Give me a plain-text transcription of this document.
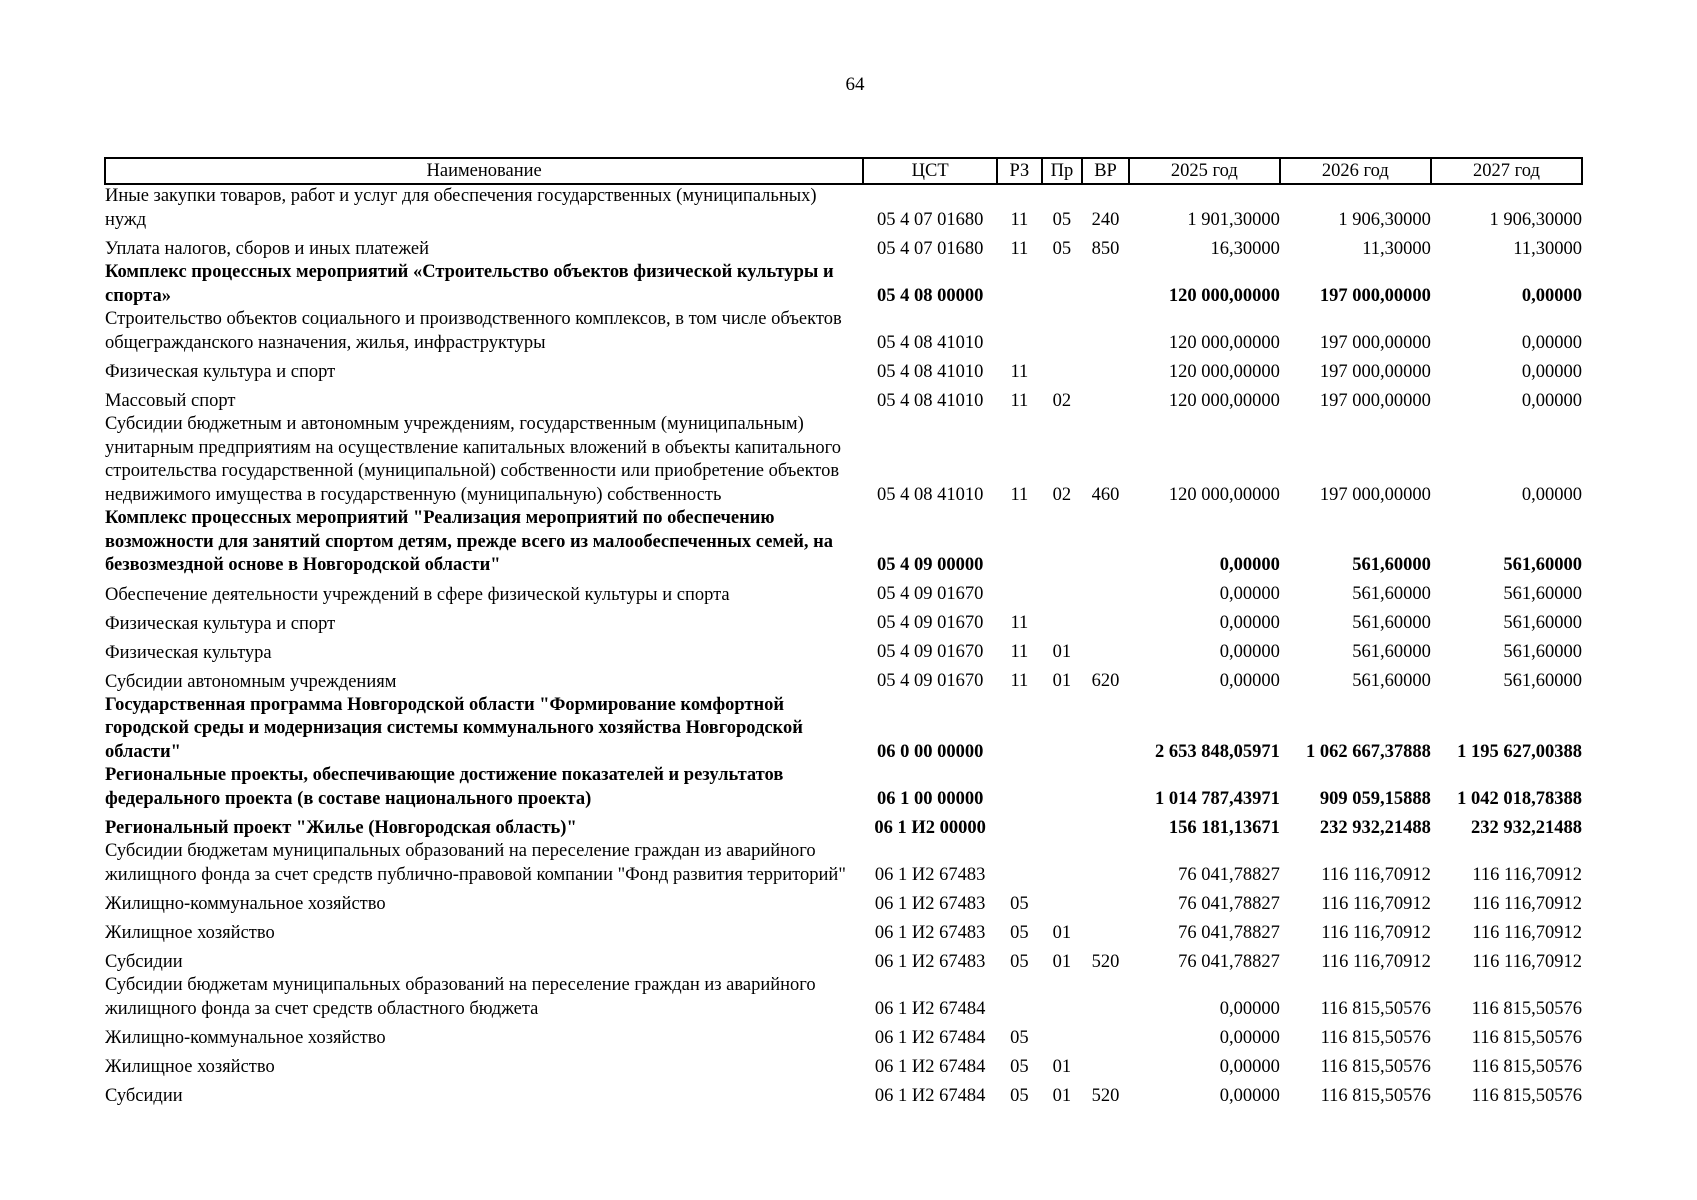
64
Наименование	ЦСТ	РЗ	Пр	ВР	2025 год	2026 год	2027 год
Иные закупки товаров, работ и услуг для обеспечения государственных (муниципальных) нужд	05 4 07 01680	11	05	240	1 901,30000	1 906,30000	1 906,30000
Уплата налогов, сборов и иных платежей	05 4 07 01680	11	05	850	16,30000	11,30000	11,30000
Комплекс процессных мероприятий «Строительство объектов физической культуры и спорта»	05 4 08 00000				120 000,00000	197 000,00000	0,00000
Строительство объектов социального и производственного комплексов, в том числе объектов общегражданского назначения, жилья, инфраструктуры	05 4 08 41010				120 000,00000	197 000,00000	0,00000
Физическая культура и спорт	05 4 08 41010	11			120 000,00000	197 000,00000	0,00000
Массовый спорт	05 4 08 41010	11	02		120 000,00000	197 000,00000	0,00000
Субсидии бюджетным и автономным учреждениям, государственным (муниципальным) унитарным предприятиям на осуществление капитальных вложений в объекты капитального строительства государственной (муниципальной) собственности или приобретение объектов недвижимого имущества в государственную (муниципальную) собственность	05 4 08 41010	11	02	460	120 000,00000	197 000,00000	0,00000
Комплекс процессных мероприятий "Реализация мероприятий по обеспечению возможности для занятий спортом детям, прежде всего из малообеспеченных семей, на безвозмездной основе в Новгородской области"	05 4 09 00000				0,00000	561,60000	561,60000
Обеспечение деятельности учреждений в сфере физической культуры и спорта	05 4 09 01670				0,00000	561,60000	561,60000
Физическая культура и спорт	05 4 09 01670	11			0,00000	561,60000	561,60000
Физическая культура	05 4 09 01670	11	01		0,00000	561,60000	561,60000
Субсидии автономным учреждениям	05 4 09 01670	11	01	620	0,00000	561,60000	561,60000
Государственная программа Новгородской области "Формирование комфортной городской среды и модернизация системы коммунального хозяйства Новгородской области"	06 0 00 00000				2 653 848,05971	1 062 667,37888	1 195 627,00388
Региональные проекты, обеспечивающие достижение показателей и результатов федерального проекта (в составе национального проекта)	06 1 00 00000				1 014 787,43971	909 059,15888	1 042 018,78388
Региональный проект "Жилье (Новгородская область)"	06 1 И2 00000				156 181,13671	232 932,21488	232 932,21488
Субсидии бюджетам муниципальных образований на переселение граждан из аварийного жилищного фонда за счет средств публично-правовой компании "Фонд развития территорий"	06 1 И2 67483				76 041,78827	116 116,70912	116 116,70912
Жилищно-коммунальное хозяйство	06 1 И2 67483	05			76 041,78827	116 116,70912	116 116,70912
Жилищное хозяйство	06 1 И2 67483	05	01		76 041,78827	116 116,70912	116 116,70912
Субсидии	06 1 И2 67483	05	01	520	76 041,78827	116 116,70912	116 116,70912
Субсидии бюджетам муниципальных образований на переселение граждан из аварийного жилищного фонда за счет средств областного бюджета	06 1 И2 67484				0,00000	116 815,50576	116 815,50576
Жилищно-коммунальное хозяйство	06 1 И2 67484	05			0,00000	116 815,50576	116 815,50576
Жилищное хозяйство	06 1 И2 67484	05	01		0,00000	116 815,50576	116 815,50576
Субсидии	06 1 И2 67484	05	01	520	0,00000	116 815,50576	116 815,50576
